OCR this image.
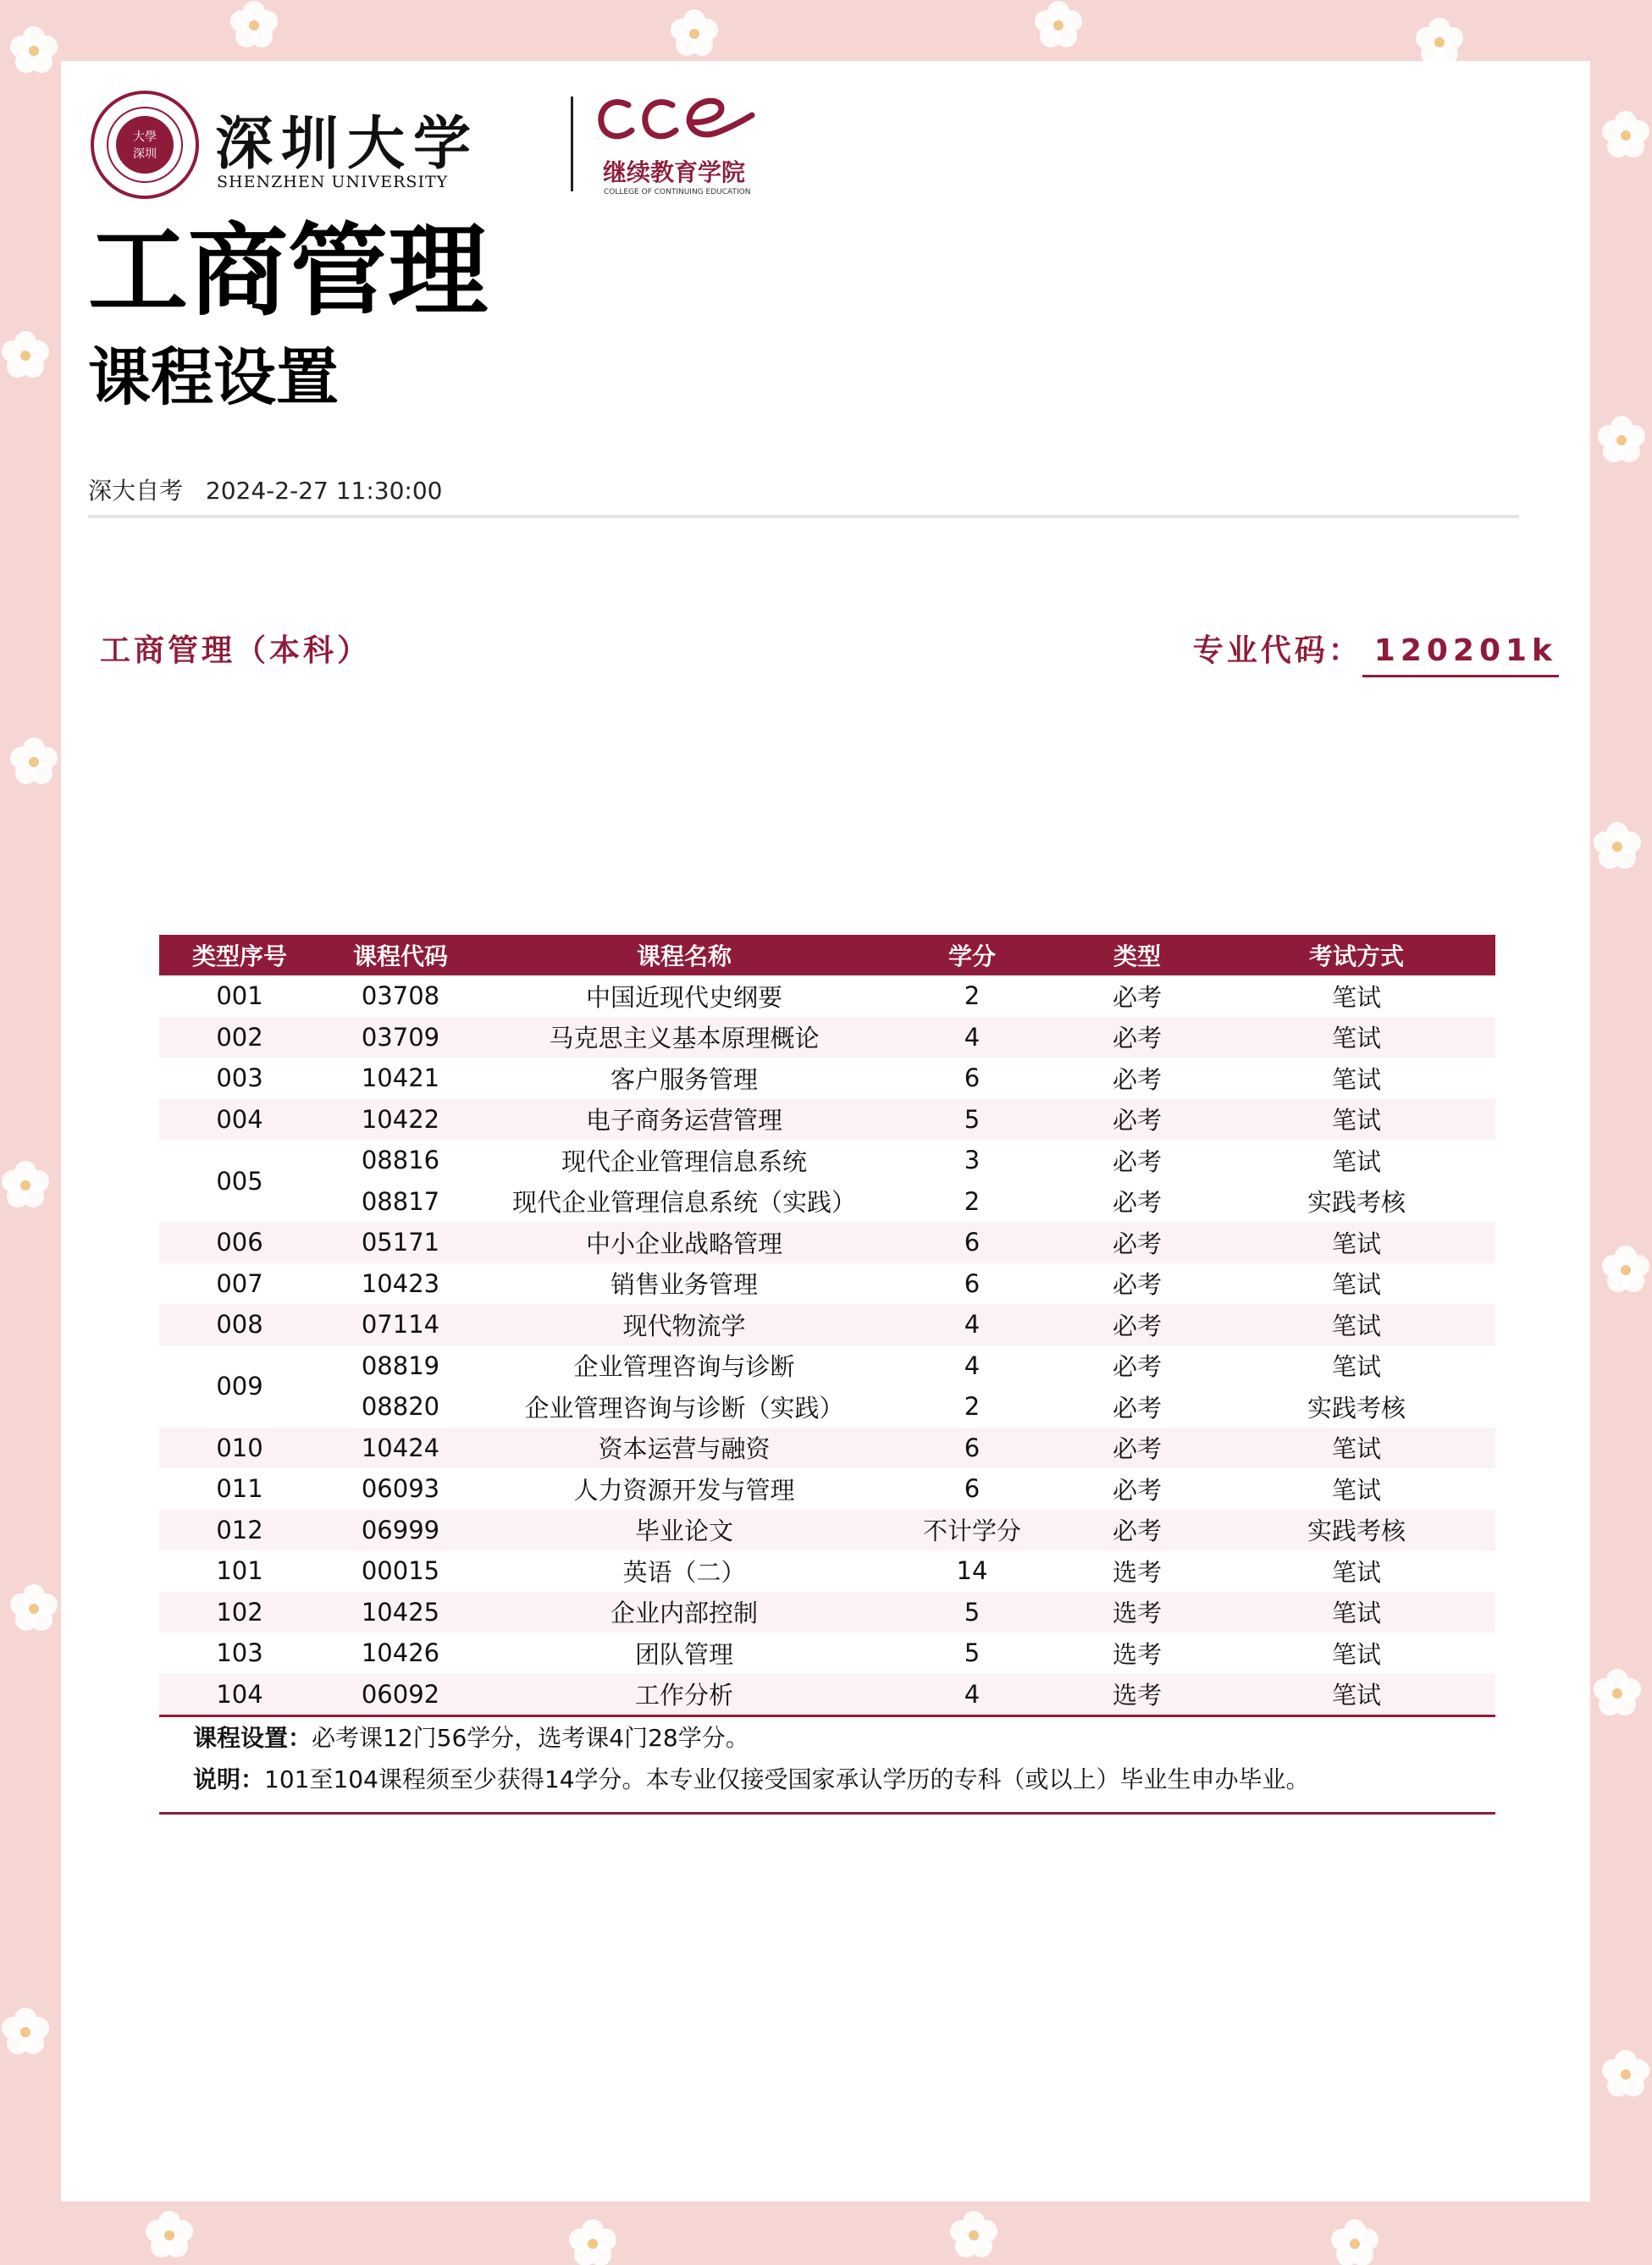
大學
深圳 深圳大学
SHENZHEN UNIVERSITY	继续教育学院
COLLEGE OF CONTINUING EDUCATION
工商管理
课程设置
深大自考 2024-2-27 11:30:00
工商管理（本科）	专业代码： 120201k
类型序号	课程代码	课程名称	学分	类型	考试方式
001	03708	中国近现代史纲要	2	必考	笔试
002	03709	马克思主义基本原理概论	4	必考	笔试
003	10421	客户服务管理	6	必考	笔试
004	10422	电子商务运营管理	5	必考	笔试
005	08816	现代企业管理信息系统	3	必考	笔试
	08817	现代企业管理信息系统（实践）	2	必考	实践考核
006	05171	中小企业战略管理	6	必考	笔试
007	10423	销售业务管理	6	必考	笔试
008	07114	现代物流学	4	必考	笔试
009	08819	企业管理咨询与诊断	4	必考	笔试
	08820	企业管理咨询与诊断（实践）	2	必考	实践考核
010	10424	资本运营与融资	6	必考	笔试
011	06093	人力资源开发与管理	6	必考	笔试
012	06999	毕业论文	不计学分	必考	实践考核
101	00015	英语（二）	14	选考	笔试
102	10425	企业内部控制	5	选考	笔试
103	10426	团队管理	5	选考	笔试
104	06092	工作分析	4	选考	笔试
课程设置：必考课12门56学分，选考课4门28学分。
说明：101至104课程须至少获得14学分。本专业仅接受国家承认学历的专科（或以上）毕业生申办毕业。
